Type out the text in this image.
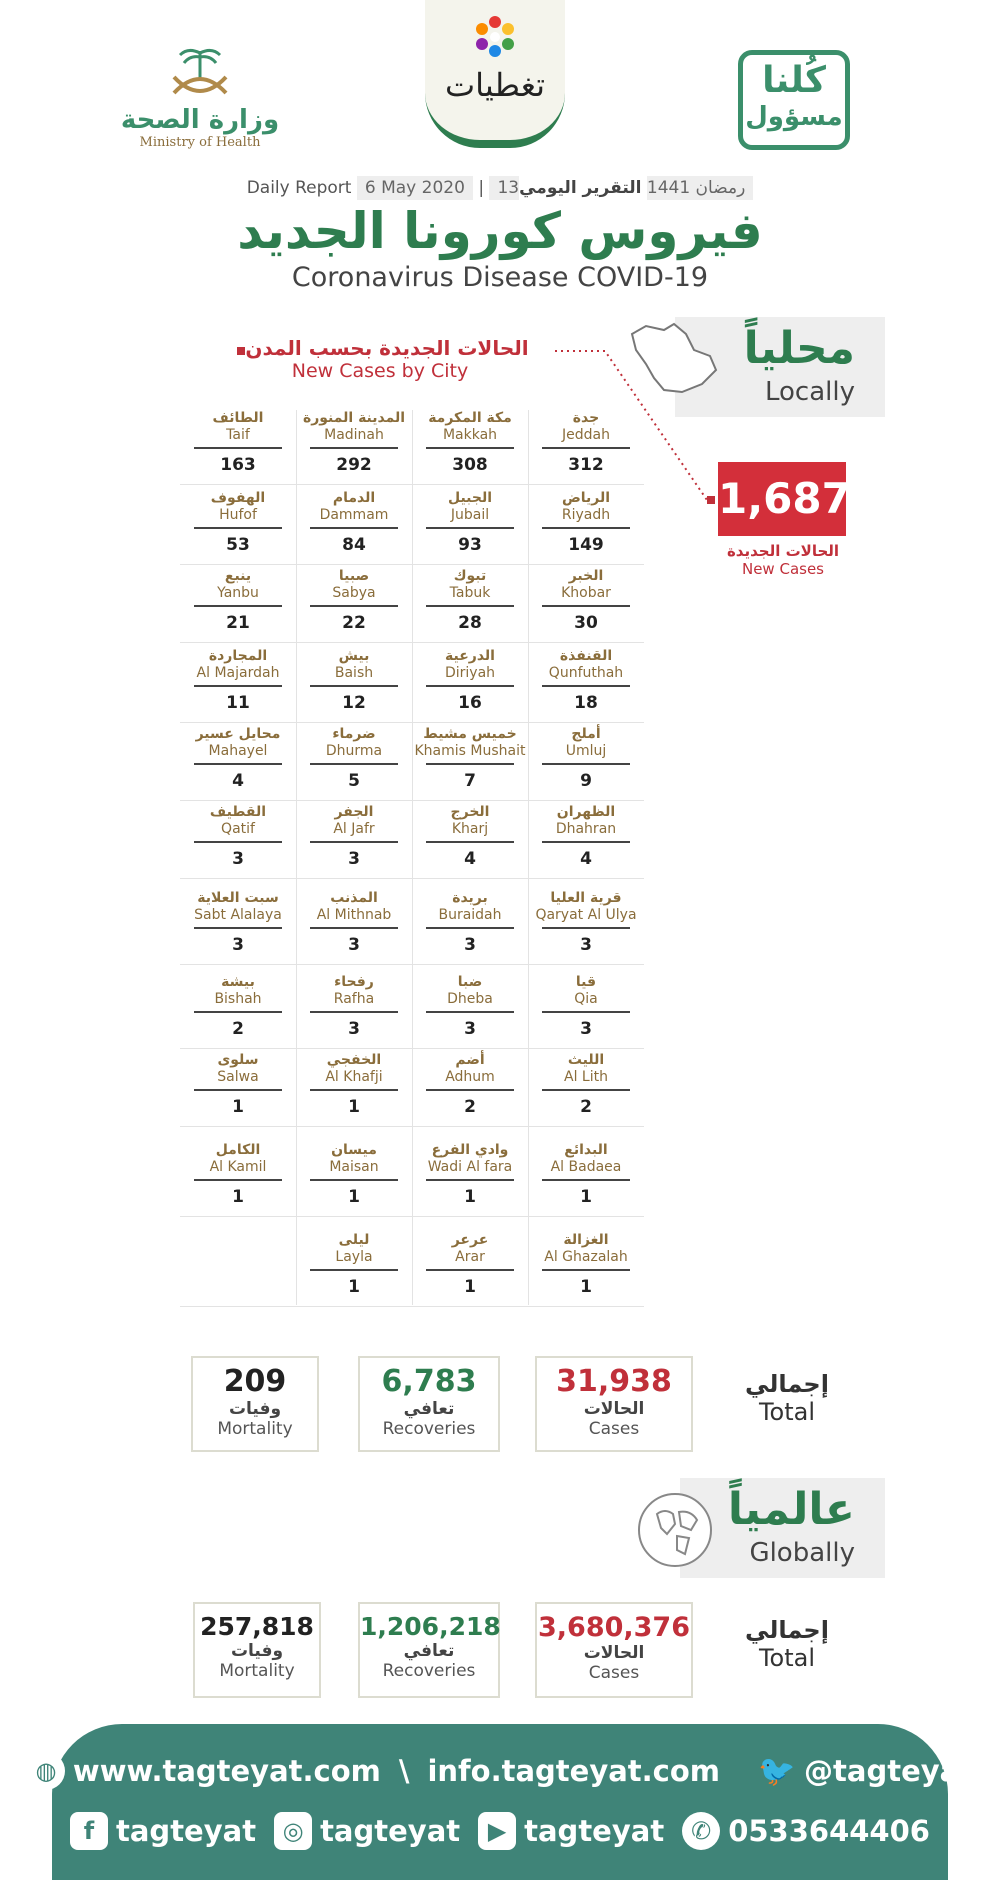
وزارة الصحة
Ministry of Health
تغطيات	كُلنا
مسؤول
Daily Report 6 May 2020 | 13رمضان 1441 التقرير اليومي
فيروس كورونا الجديد
Coronavirus Disease COVID-19
محلياً
Locally
الحالات الجديدة بحسب المدن
New Cases by City
1,687
الحالات الجديدة
New Cases
جدة
Jeddah
312
مكة المكرمة
Makkah
308
المدينة المنورة
Madinah
292
الطائف
Taif
163
الرياض
Riyadh
149
الجبيل
Jubail
93
الدمام
Dammam
84
الهفوف
Hufof
53
الخبر
Khobar
30
تبوك
Tabuk
28
صبيا
Sabya
22
ينبع
Yanbu
21
القنفذة
Qunfuthah
18
الدرعية
Diriyah
16
بيش
Baish
12
المجاردة
Al Majardah
11
أملج
Umluj
9
خميس مشيط
Khamis Mushait
7
ضرماء
Dhurma
5
محايل عسير
Mahayel
4
الظهران
Dhahran
4
الخرج
Kharj
4
الجفر
Al Jafr
3
القطيف
Qatif
3
قرية العليا
Qaryat Al Ulya
3
بريدة
Buraidah
3
المذنب
Al Mithnab
3
سبت العلاية
Sabt Alalaya
3
قيا
Qia
3
ضبا
Dheba
3
رفحاء
Rafha
3
بيشة
Bishah
2
الليث
Al Lith
2
أضم
Adhum
2
الخفجي
Al Khafji
1
سلوى
Salwa
1
البدائع
Al Badaea
1
وادي الفرع
Wadi Al fara
1
ميسان
Maisan
1
الكامل
Al Kamil
1
الغزالة
Al Ghazalah
1
عرعر
Arar
1
ليلى
Layla
1
إجمالي
Total
31,938
الحالات
Cases
6,783
تعافي
Recoveries
209
وفيات
Mortality
عالمياً
Globally
إجمالي
Total
3,680,376
الحالات
Cases
1,206,218
تعافي
Recoveries
257,818
وفيات
Mortality
◍ www.tagteyat.com \ info.tagteyat.com 🐦 @tagteyat
f tagteyat	◎ tagteyat	▶ tagteyat	✆ 0533644406
